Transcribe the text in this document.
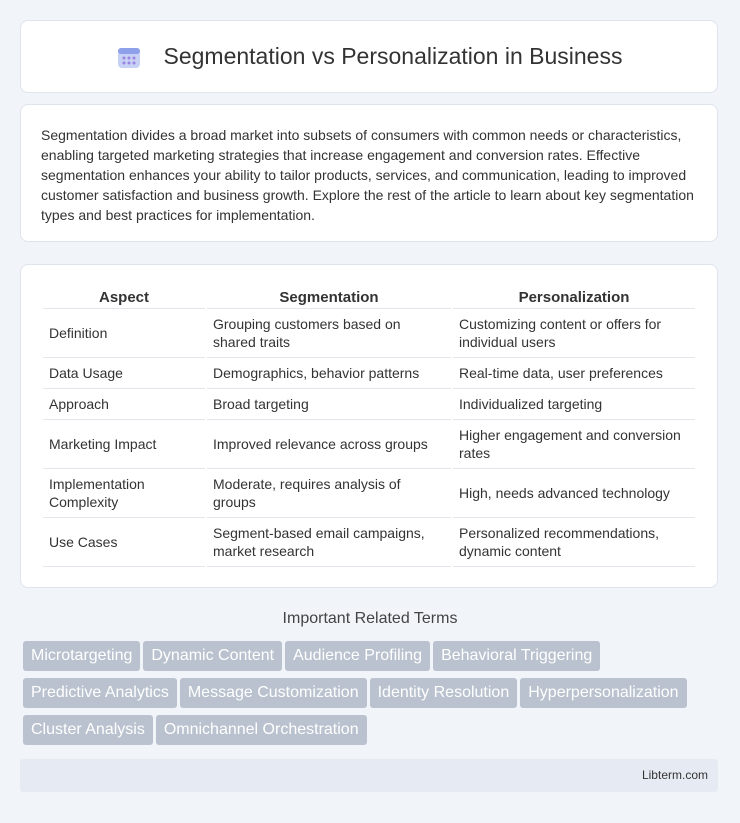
Segmentation vs Personalization in Business

Segmentation divides a broad market into subsets of consumers with common needs or characteristics, enabling targeted marketing strategies that increase engagement and conversion rates. Effective segmentation enhances your ability to tailor products, services, and communication, leading to improved customer satisfaction and business growth. Explore the rest of the article to learn about key segmentation types and best practices for implementation.

Aspect	Segmentation	Personalization
Definition	Grouping customers based on shared traits	Customizing content or offers for individual users
Data Usage	Demographics, behavior patterns	Real-time data, user preferences
Approach	Broad targeting	Individualized targeting
Marketing Impact	Improved relevance across groups	Higher engagement and conversion rates
Implementation Complexity	Moderate, requires analysis of groups	High, needs advanced technology
Use Cases	Segment-based email campaigns, market research	Personalized recommendations, dynamic content
Important Related Terms
Microtargeting Dynamic Content Audience Profiling Behavioral Triggering
Predictive Analytics Message Customization Identity Resolution Hyperpersonalization
Cluster Analysis Omnichannel Orchestration
Libterm.com
